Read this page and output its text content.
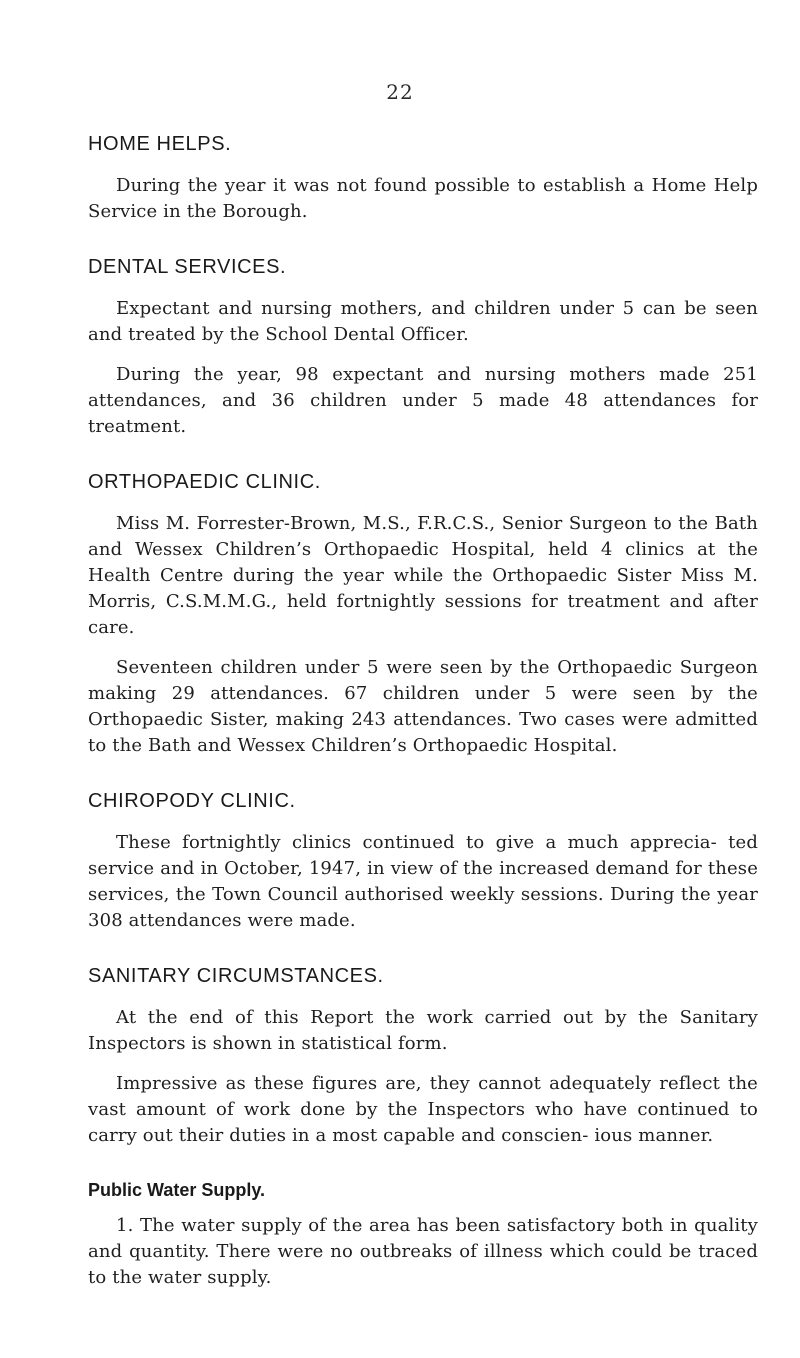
22
HOME HELPS.

During the year it was not found possible to establish a Home Help Service in the Borough.

DENTAL SERVICES.

Expectant and nursing mothers, and children under 5 can be seen and treated by the School Dental Officer.

During the year, 98 expectant and nursing mothers made 251 attendances, and 36 children under 5 made 48 attendances for treatment.

ORTHOPAEDIC CLINIC.

Miss M. Forrester-Brown, M.S., F.R.C.S., Senior Surgeon to the Bath and Wessex Children’s Orthopaedic Hospital, held 4 clinics at the Health Centre during the year while the Orthopaedic Sister Miss M. Morris, C.S.M.M.G., held fortnightly sessions for treatment and after care.

Seventeen children under 5 were seen by the Orthopaedic Surgeon making 29 attendances. 67 children under 5 were seen by the Orthopaedic Sister, making 243 attendances. Two cases were admitted to the Bath and Wessex Children’s Orthopaedic Hospital.

CHIROPODY CLINIC.

These fortnightly clinics continued to give a much apprecia- ted service and in October, 1947, in view of the increased demand for these services, the Town Council authorised weekly sessions. During the year 308 attendances were made.

SANITARY CIRCUMSTANCES.

At the end of this Report the work carried out by the Sanitary Inspectors is shown in statistical form.

Impressive as these figures are, they cannot adequately reflect the vast amount of work done by the Inspectors who have continued to carry out their duties in a most capable and conscien- ious manner.

Public Water Supply.

1. The water supply of the area has been satisfactory both in quality and quantity. There were no outbreaks of illness which could be traced to the water supply.
